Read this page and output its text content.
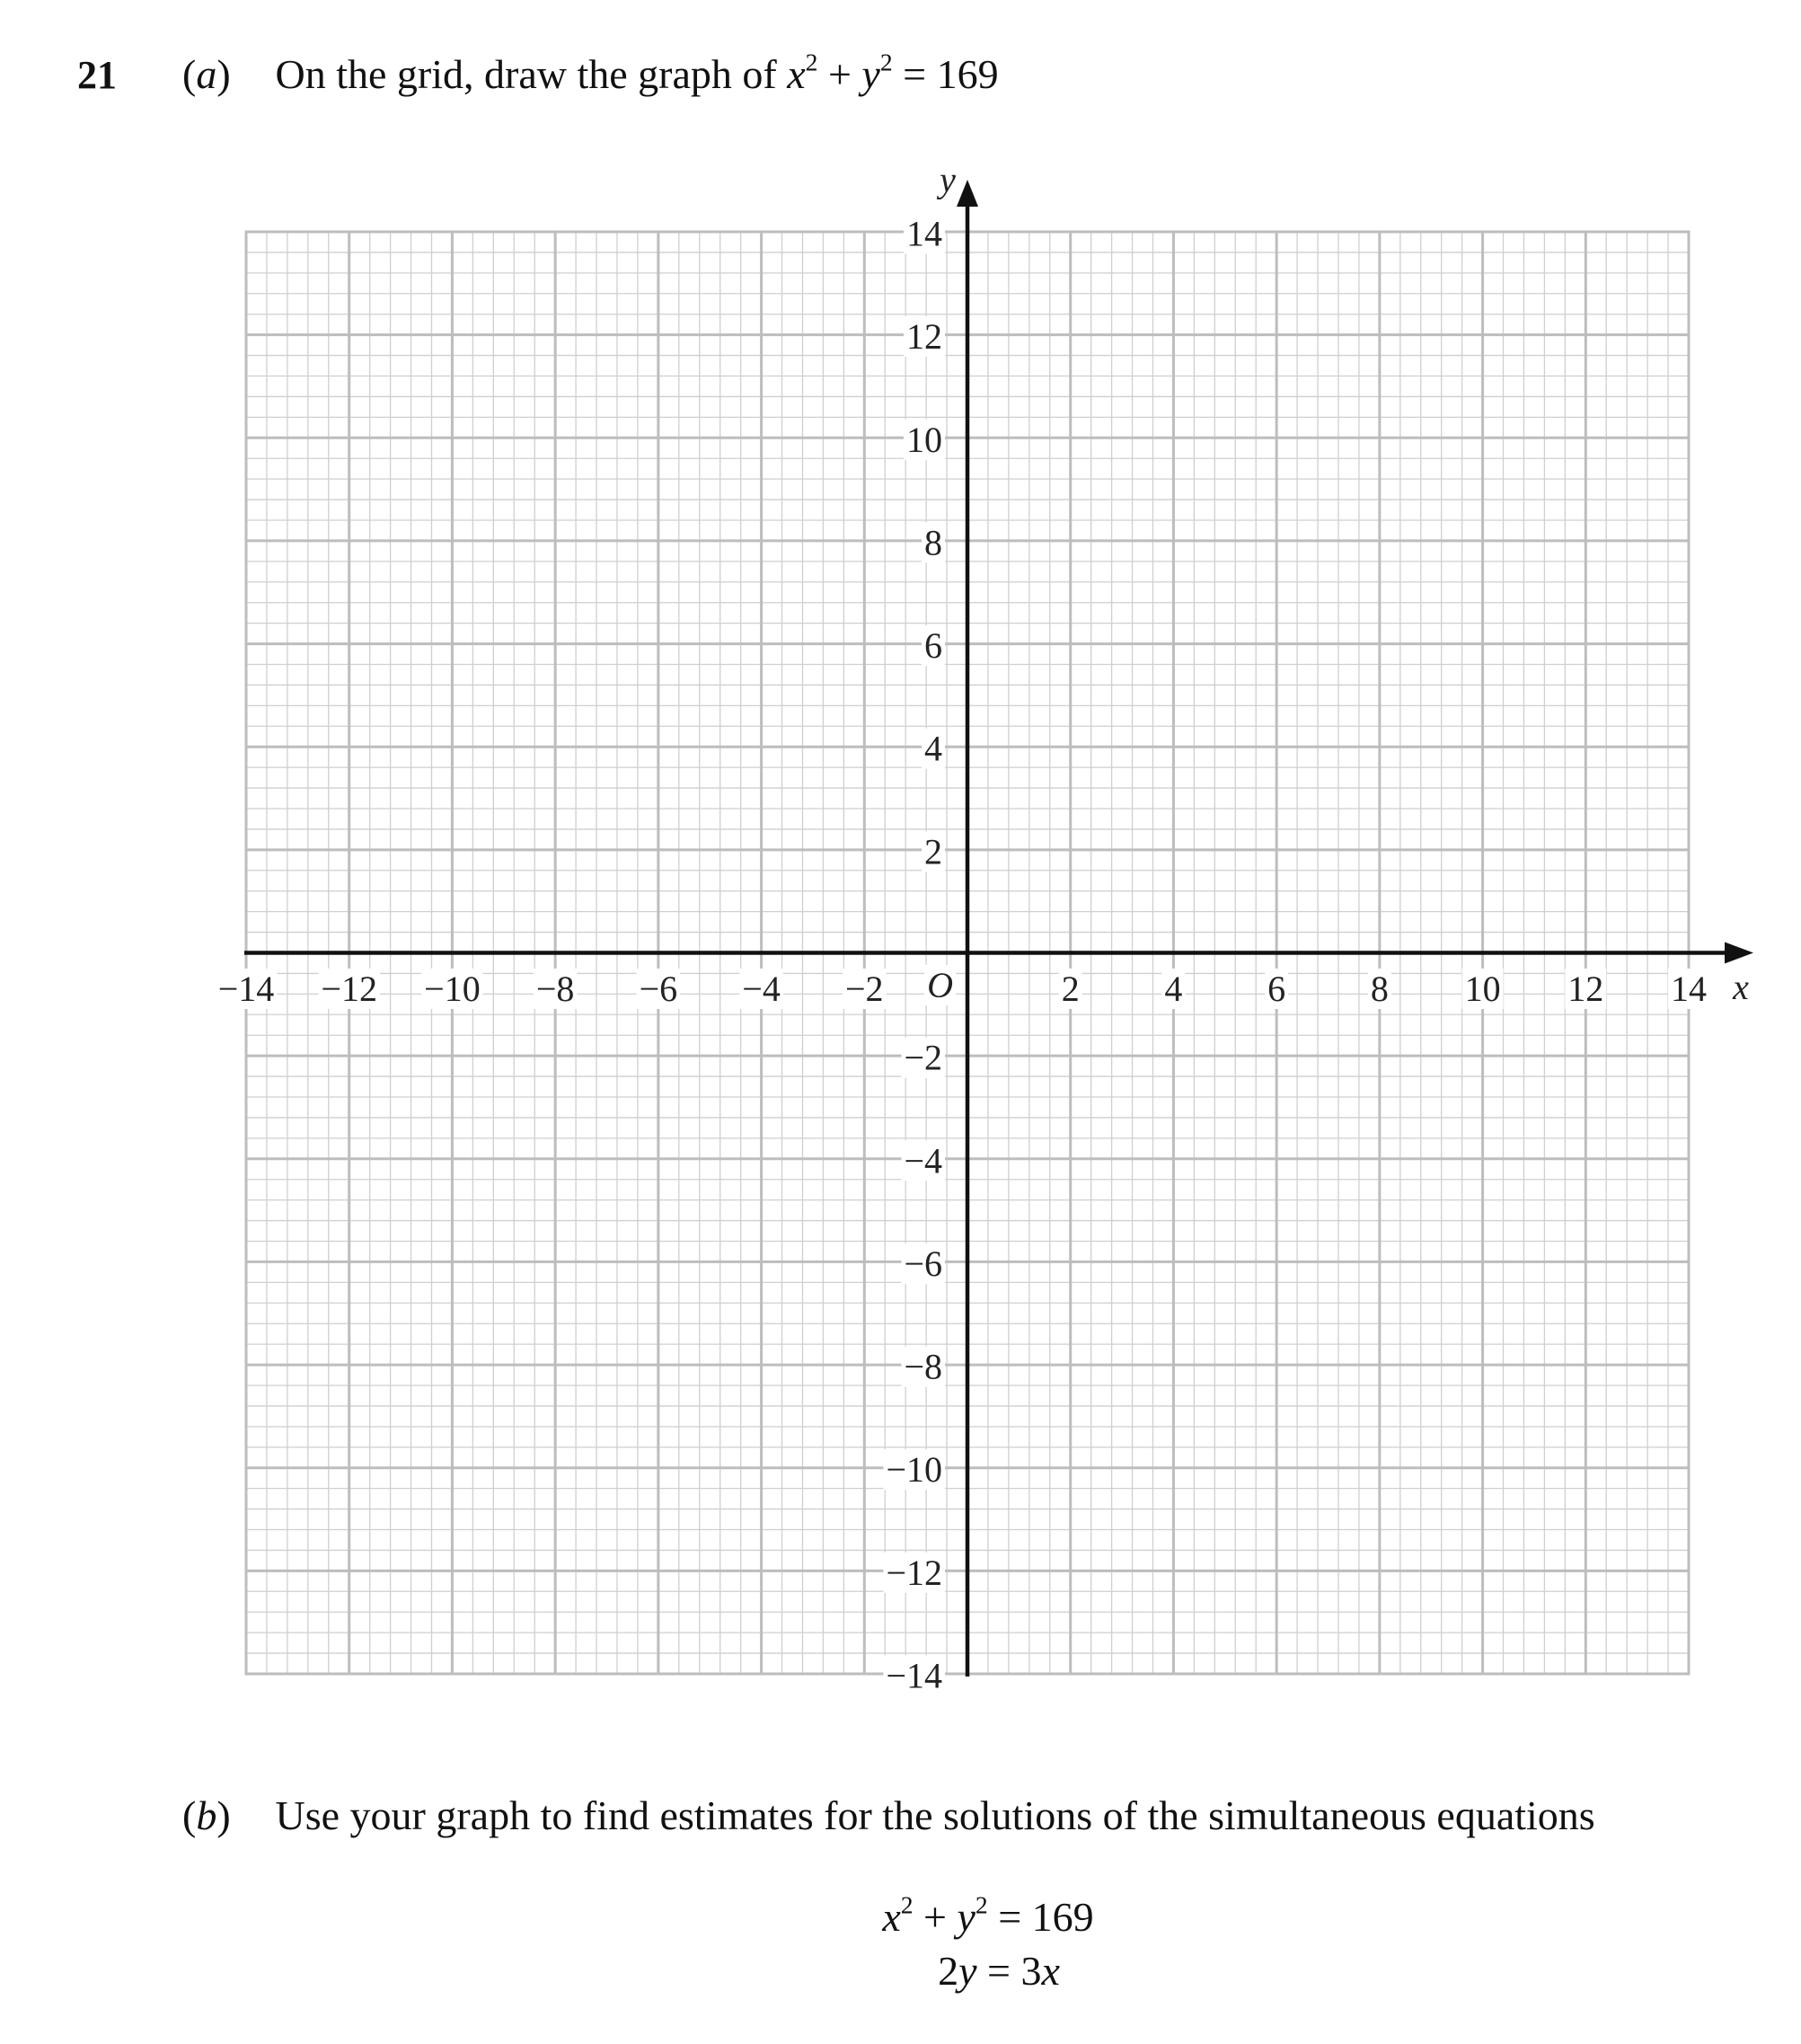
21 (a) On the grid, draw the graph of $x^2 + y^2 = 169$
−14 −12 −10 −8 −6 −4 −2	2 4 6 8 10 12 14
14
12
10
8
6
4
2
−2
−4
−6
−8
−10
−12
−14
O	x
y
(b) Use your graph to find estimates for the solutions of the simultaneous equations
$x^2 + y^2 = 169$
2y = 3x
